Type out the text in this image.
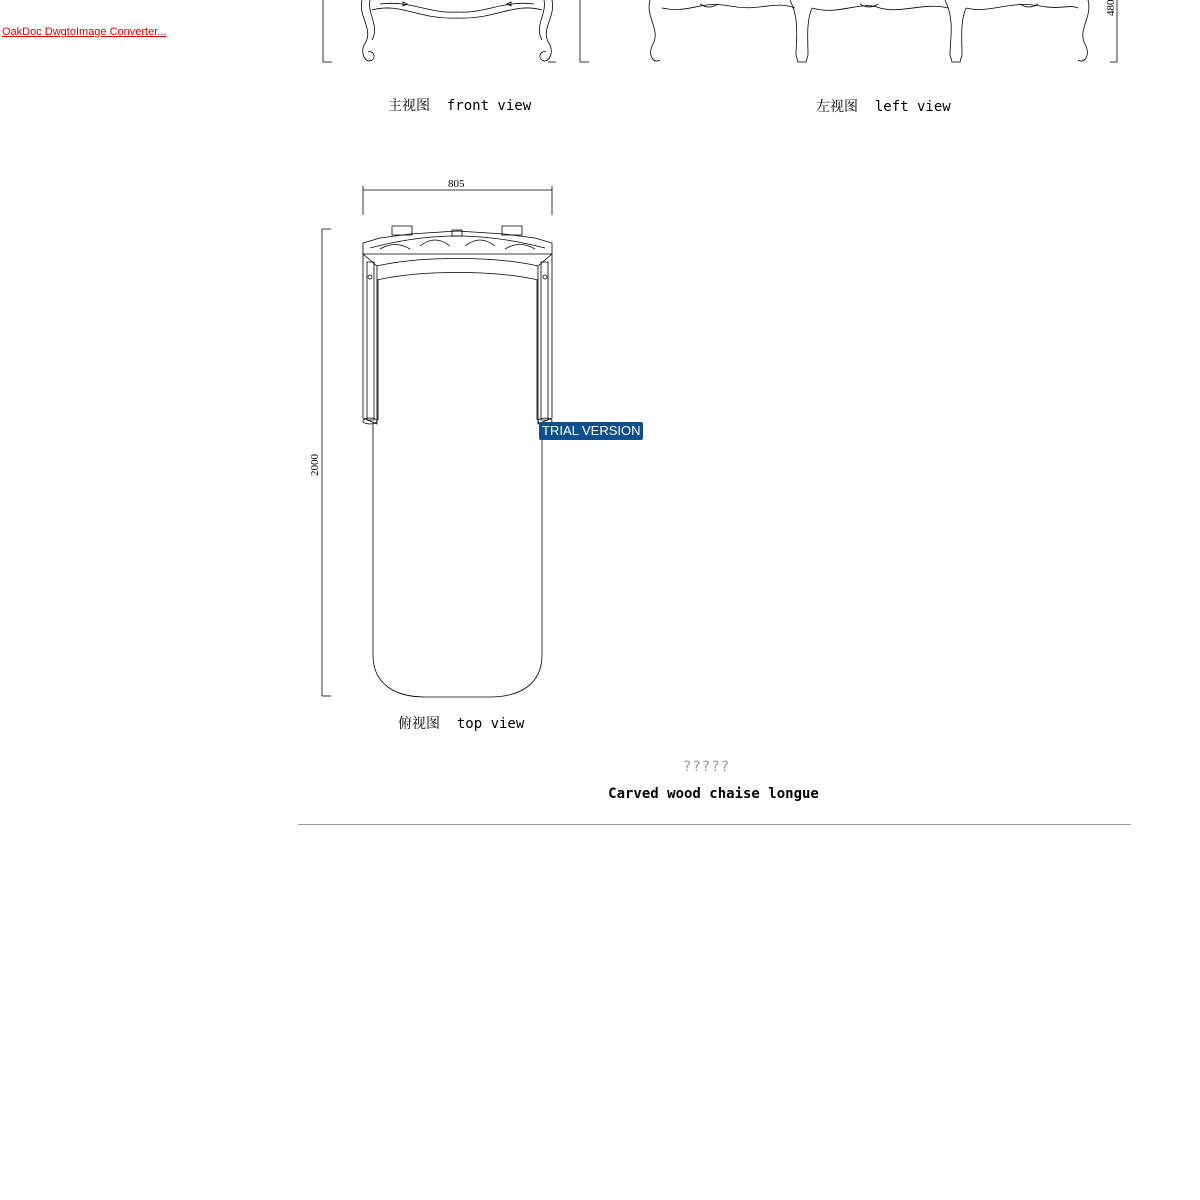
OakDoc DwgtoImage Converter...
805
2000
480
主视图 front view	左视图 left view
俯视图 top view
TRIAL VERSION
?????
Carved wood chaise longue
